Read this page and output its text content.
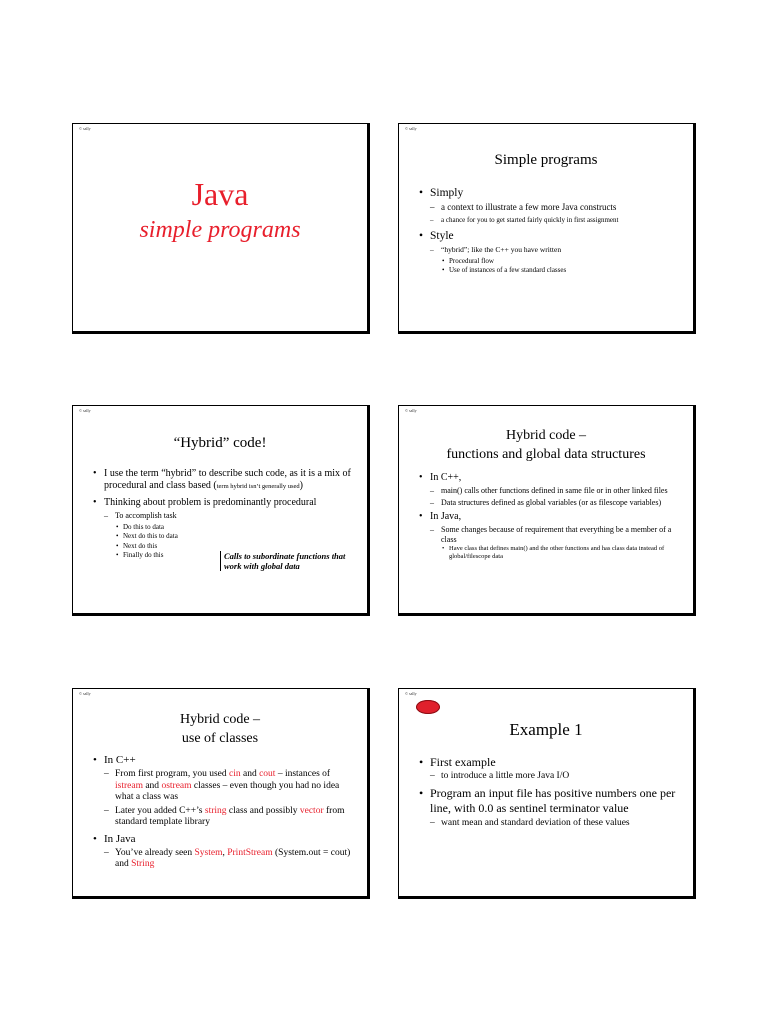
© sally
Java
simple programs
© sally
Simple programs
• Simply
– a context to illustrate a few more Java constructs
– a chance for you to get started fairly quickly in first assignment
• Style
– “hybrid”; like the C++ you have written
• Procedural flow
• Use of instances of a few standard classes
© sally
“Hybrid” code!
• I use the term “hybrid” to describe such code, as it is a mix of procedural and class based (term hybrid isn’t generally used)
• Thinking about problem is predominantly procedural
– To accomplish task
• Do this to data
• Next do this to data
• Next do this
• Finally do this	Calls to subordinate functions that work with global data
© sally
Hybrid code –
functions and global data structures
• In C++,
– main() calls other functions defined in same file or in other linked files
– Data structures defined as global variables (or as filescope variables)
• In Java,
– Some changes because of requirement that everything be a member of a class
• Have class that defines main() and the other functions and has class data instead of global/filescope data
© sally
Hybrid code –
use of classes
• In C++
– From first program, you used cin and cout – instances of istream and ostream classes – even though you had no idea what a class was
– Later you added C++’s string class and possibly vector from standard template library
• In Java
– You’ve already seen System, PrintStream (System.out = cout) and String
© sally
Example 1
• First example
– to introduce a little more Java I/O
• Program an input file has positive numbers one per line, with 0.0 as sentinel terminator value
– want mean and standard deviation of these values
